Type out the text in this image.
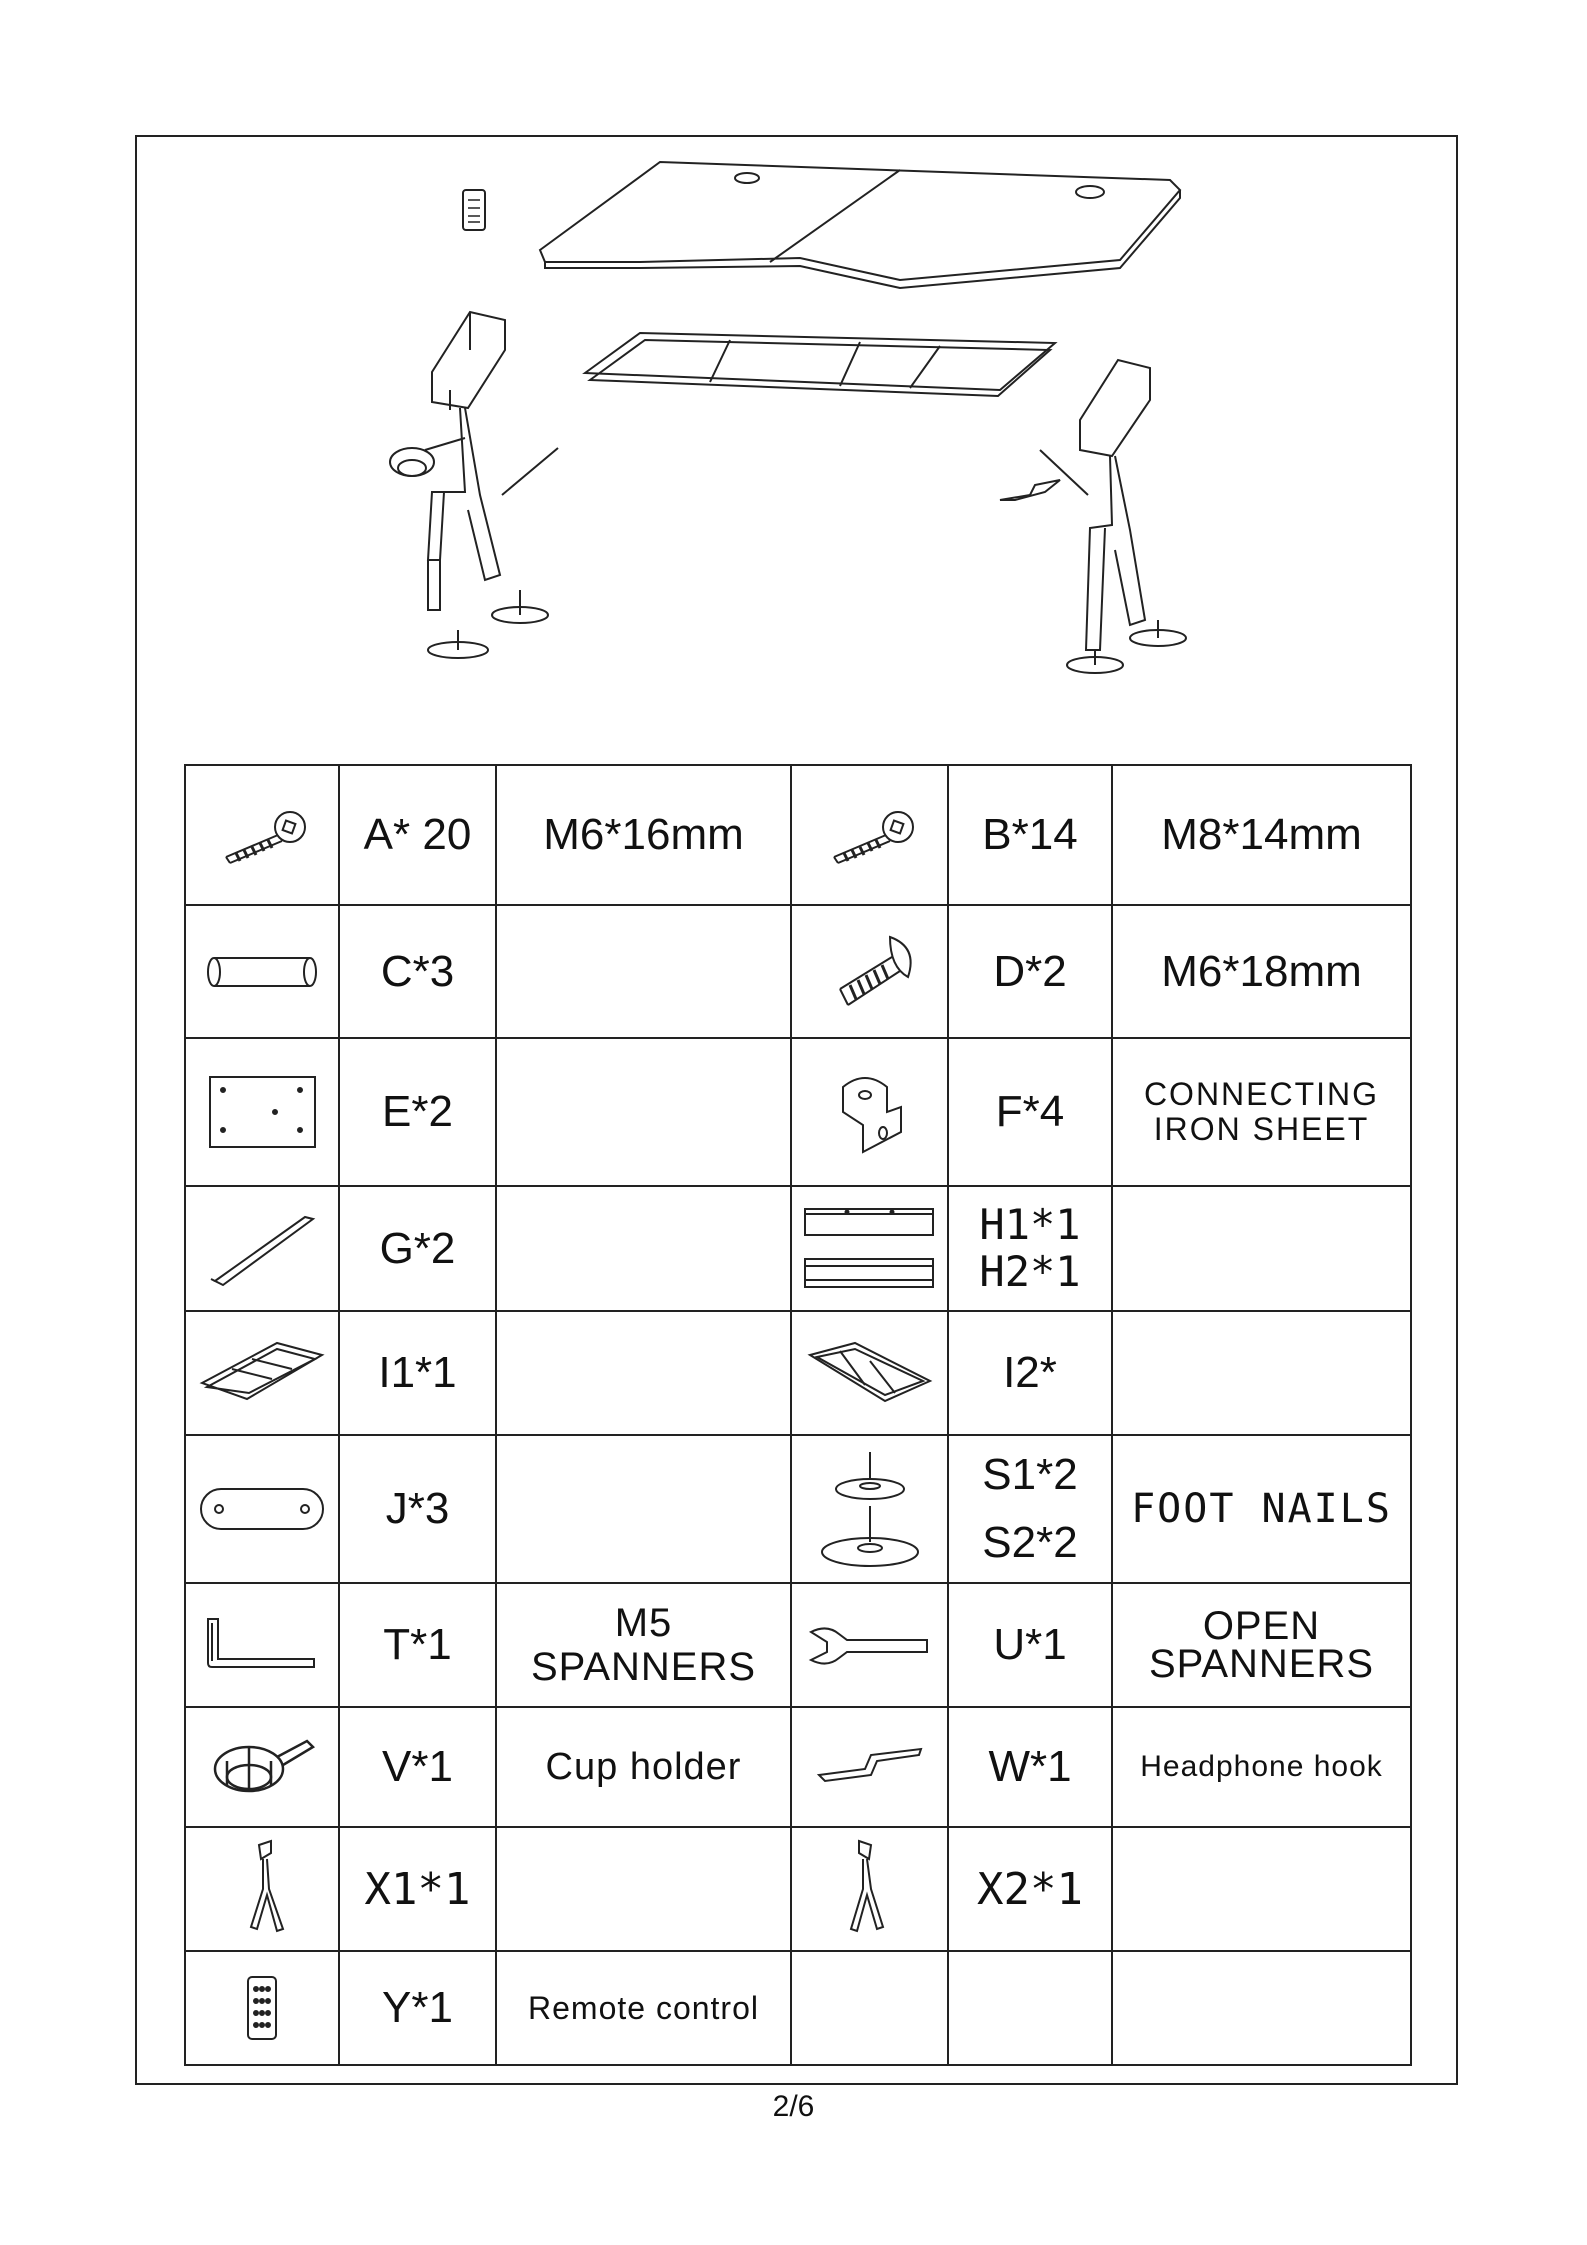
	A* 20	M6*16mm		B*14	M8*14mm

	C*3			D*2	M6*18mm

	E*2			F*4	CONNECTING
IRON SHEET

	G*2			H1*1
H2*1	

	I1*1			I2*	

	J*3			S1*2
S2*2	FOOT NAILS

	T*1	M5
SPANNERS		U*1	OPEN
SPANNERS

	V*1	Cup holder		W*1	Headphone hook

	X1*1			X2*1	

	Y*1	Remote control			
2/6
